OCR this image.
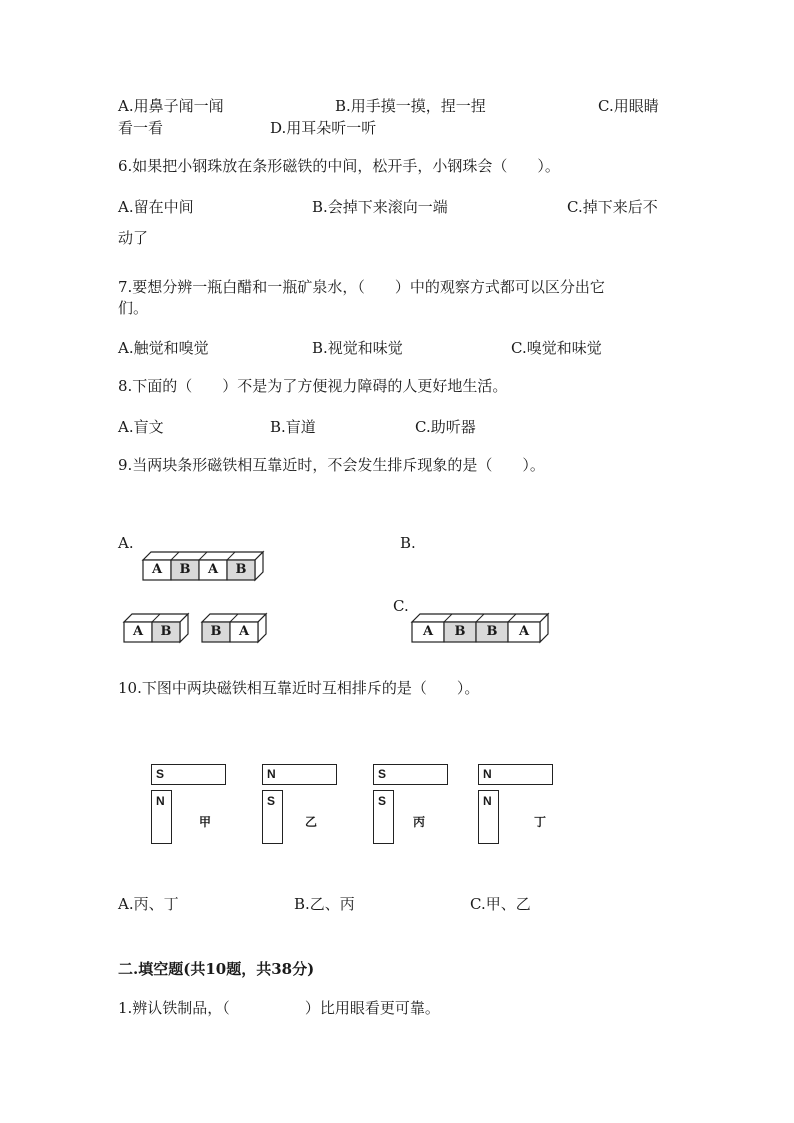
A.用鼻子闻一闻	B.用手摸一摸，捏一捏	C.用眼睛
看一看	D.用耳朵听一听
6.如果把小钢珠放在条形磁铁的中间，松开手，小钢珠会（　　）。
A.留在中间	B.会掉下来滚向一端	C.掉下来后不
动了
7.要想分辨一瓶白醋和一瓶矿泉水，（　　）中的观察方式都可以区分出它
们。
A.触觉和嗅觉	B.视觉和味觉	C.嗅觉和味觉
8.下面的（　　）不是为了方便视力障碍的人更好地生活。
A.盲文	B.盲道	C.助听器
9.当两块条形磁铁相互靠近时，不会发生排斥现象的是（　　）。
A.	B.
C.
A	B	A	B
A	B	B	A	A	B	B	A
10.下图中两块磁铁相互靠近时互相排斥的是（　　）。
S
N
甲
N
S
乙
S
S
丙
N
N
丁
A.丙、丁	B.乙、丙	C.甲、乙
二.填空题(共10题，共38分)
1.辨认铁制品，（　　　　　）比用眼看更可靠。
